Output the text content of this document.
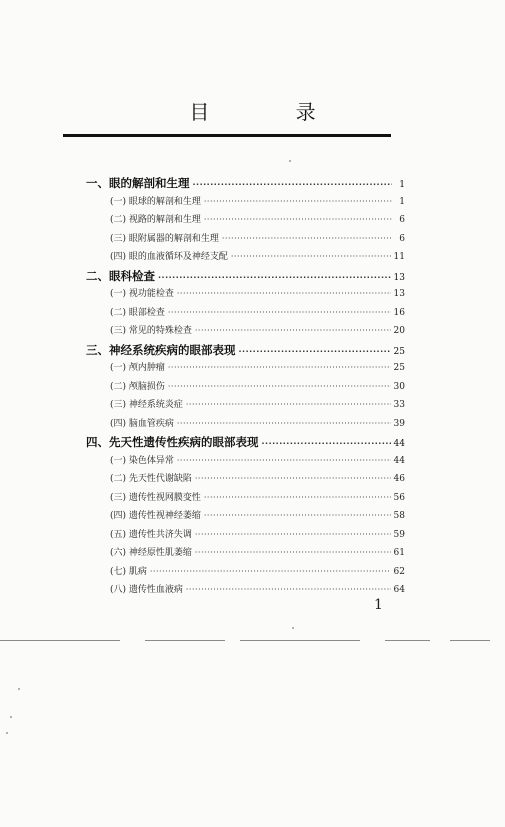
目 录
一、眼的解剖和生理 ·····	1
(一) 眼球的解剖和生理 ·····	1
(二) 视路的解剖和生理 ·····	6
(三) 眼附属器的解剖和生理 ·····	6
(四) 眼的血液循环及神经支配 ·····	11
二、眼科检查 ·····	13
(一) 视功能检查 ·····	13
(二) 眼部检查 ·····	16
(三) 常见的特殊检查 ·····	20
三、神经系统疾病的眼部表现 ·····	25
(一) 颅内肿瘤 ·····	25
(二) 颅脑损伤 ·····	30
(三) 神经系统炎症 ·····	33
(四) 脑血管疾病 ·····	39
四、先天性遗传性疾病的眼部表现 ·····	44
(一) 染色体异常 ·····	44
(二) 先天性代谢缺陷 ·····	46
(三) 遗传性视网膜变性 ·····	56
(四) 遗传性视神经萎缩 ·····	58
(五) 遗传性共济失调 ·····	59
(六) 神经原性肌萎缩 ·····	61
(七) 肌病 ·····	62
(八) 遗传性血液病 ·····	64
1
